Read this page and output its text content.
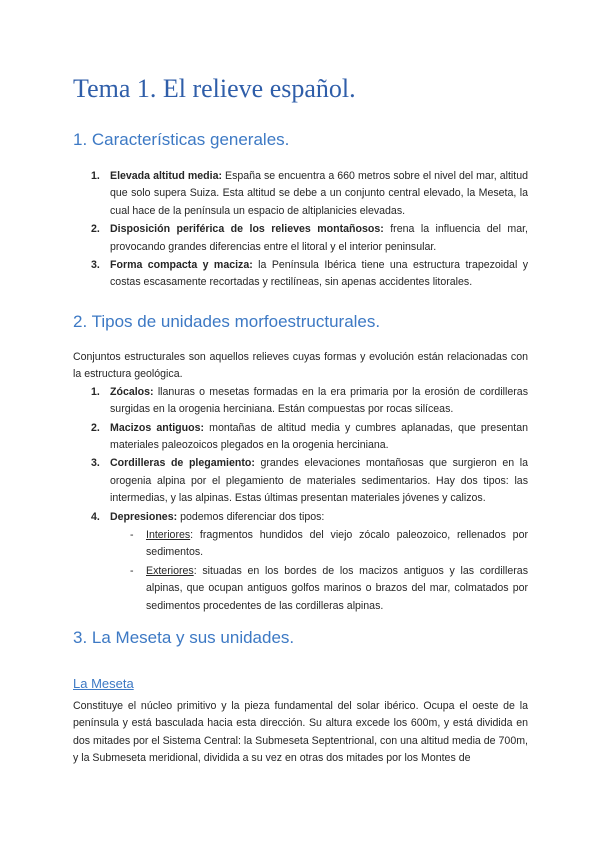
Tema 1. El relieve español.
1. Características generales.
1. Elevada altitud media: España se encuentra a 660 metros sobre el nivel del mar, altitud que solo supera Suiza. Esta altitud se debe a un conjunto central elevado, la Meseta, la cual hace de la península un espacio de altiplanicies elevadas.
2. Disposición periférica de los relieves montañosos: frena la influencia del mar, provocando grandes diferencias entre el litoral y el interior peninsular.
3. Forma compacta y maciza: la Península Ibérica tiene una estructura trapezoidal y costas escasamente recortadas y rectilíneas, sin apenas accidentes litorales.
2. Tipos de unidades morfoestructurales.

Conjuntos estructurales son aquellos relieves cuyas formas y evolución están relacionadas con la estructura geológica.

1. Zócalos: llanuras o mesetas formadas en la era primaria por la erosión de cordilleras surgidas en la orogenia herciniana. Están compuestas por rocas silíceas.
2. Macizos antiguos: montañas de altitud media y cumbres aplanadas, que presentan materiales paleozoicos plegados en la orogenia herciniana.
3. Cordilleras de plegamiento: grandes elevaciones montañosas que surgieron en la orogenia alpina por el plegamiento de materiales sedimentarios. Hay dos tipos: las intermedias, y las alpinas. Estas últimas presentan materiales jóvenes y calizos.
4. Depresiones: podemos diferenciar dos tipos:
- Interiores: fragmentos hundidos del viejo zócalo paleozoico, rellenados por sedimentos.
- Exteriores: situadas en los bordes de los macizos antiguos y las cordilleras alpinas, que ocupan antiguos golfos marinos o brazos del mar, colmatados por sedimentos procedentes de las cordilleras alpinas.
3. La Meseta y sus unidades.
La Meseta

Constituye el núcleo primitivo y la pieza fundamental del solar ibérico. Ocupa el oeste de la península y está basculada hacia esta dirección. Su altura excede los 600m, y está dividida en dos mitades por el Sistema Central: la Submeseta Septentrional, con una altitud media de 700m, y la Submeseta meridional, dividida a su vez en otras dos mitades por los Montes de
